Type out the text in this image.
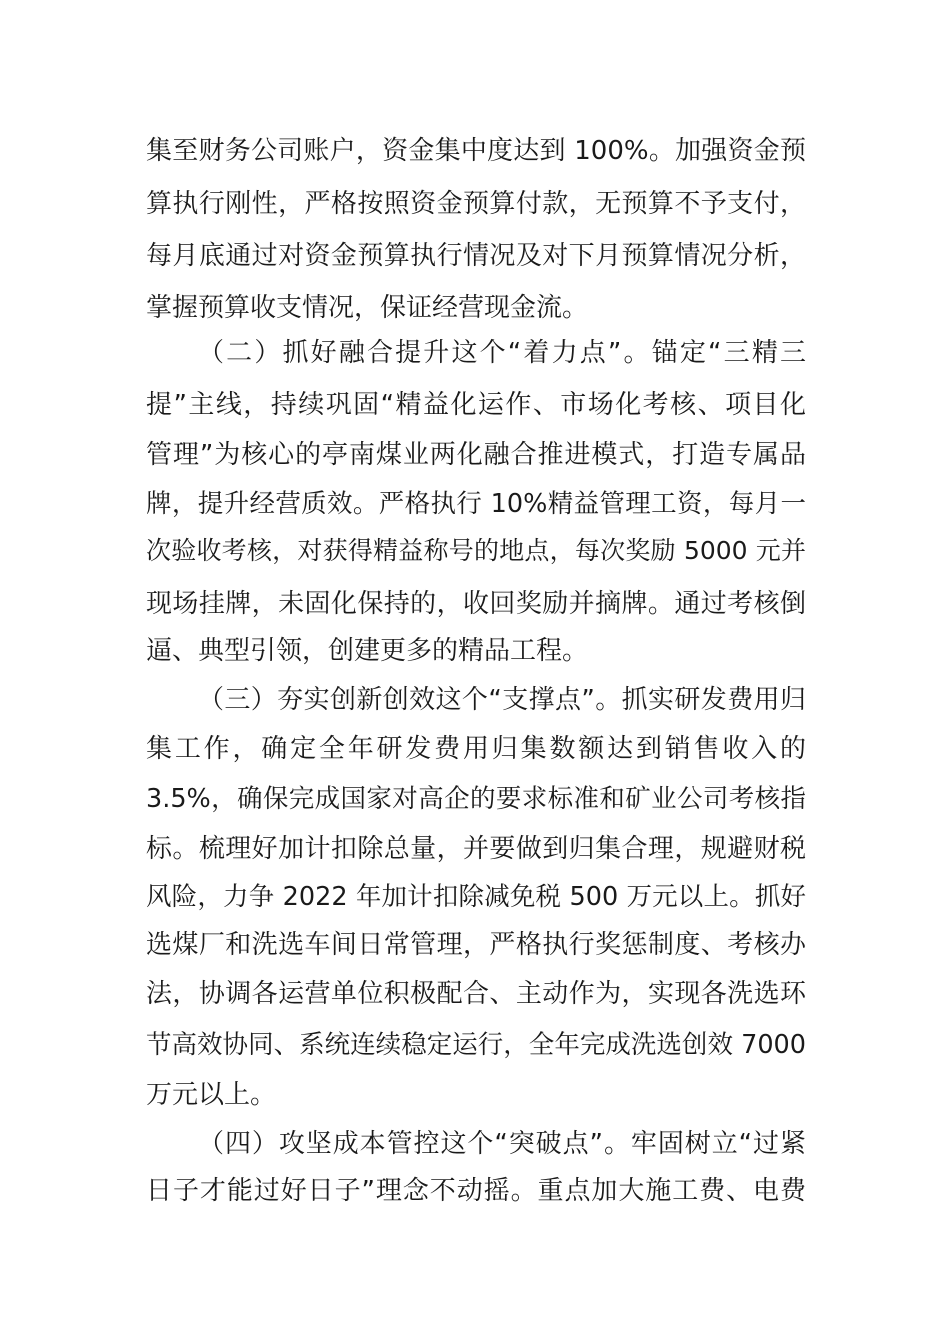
集至财务公司账户，资金集中度达到 100%。加强资金预
算执行刚性，严格按照资金预算付款，无预算不予支付，
每月底通过对资金预算执行情况及对下月预算情况分析，
掌握预算收支情况，保证经营现金流。
（二）抓好融合提升这个“着力点”。锚定“三精三
提”主线，持续巩固“精益化运作、市场化考核、项目化
管理”为核心的亭南煤业两化融合推进模式，打造专属品
牌，提升经营质效。严格执行 10%精益管理工资，每月一
次验收考核，对获得精益称号的地点，每次奖励 5000 元并
现场挂牌，未固化保持的，收回奖励并摘牌。通过考核倒
逼、典型引领，创建更多的精品工程。
（三）夯实创新创效这个“支撑点”。抓实研发费用归
集工作，确定全年研发费用归集数额达到销售收入的
3.5%，确保完成国家对高企的要求标准和矿业公司考核指
标。梳理好加计扣除总量，并要做到归集合理，规避财税
风险，力争 2022 年加计扣除减免税 500 万元以上。抓好
选煤厂和洗选车间日常管理，严格执行奖惩制度、考核办
法，协调各运营单位积极配合、主动作为，实现各洗选环
节高效协同、系统连续稳定运行，全年完成洗选创效 7000
万元以上。
（四）攻坚成本管控这个“突破点”。牢固树立“过紧
日子才能过好日子”理念不动摇。重点加大施工费、电费
